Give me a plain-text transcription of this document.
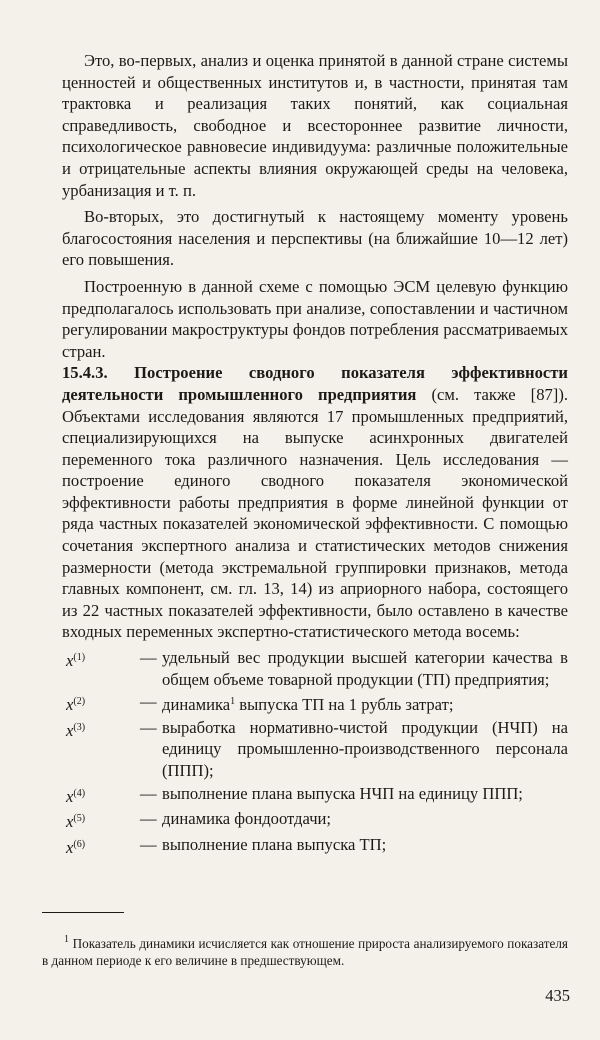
Это, во-первых, анализ и оценка принятой в данной стране системы ценностей и общественных институтов и, в частности, принятая там трактовка и реализация таких понятий, как социальная справедливость, свободное и всестороннее развитие личности, психологическое равновесие индивидуума: различные положительные и отрицательные аспекты влияния окружающей среды на человека, урбанизация и т. п.

Во-вторых, это достигнутый к настоящему моменту уровень благосостояния населения и перспективы (на ближайшие 10—12 лет) его повышения.

Построенную в данной схеме с помощью ЭСМ целевую функцию предполагалось использовать при анализе, сопоставлении и частичном регулировании макроструктуры фондов потребления рассматриваемых стран.

15.4.3. Построение сводного показателя эффективности деятельности промышленного предприятия (см. также [87]). Объектами исследования являются 17 промышленных предприятий, специализирующихся на выпуске асинхронных двигателей переменного тока различного назначения. Цель исследования — построение единого сводного показателя экономической эффективности работы предприятия в форме линейной функции от ряда частных показателей экономической эффективности. С помощью сочетания экспертного анализа и статистических методов снижения размерности (метода экстремальной группировки признаков, метода главных компонент, см. гл. 13, 14) из априорного набора, состоящего из 22 частных показателей эффективности, было оставлено в качестве входных переменных экспертно-статистического метода восемь:

$x^{(1)}$	— удельный вес продукции высшей категории качества в общем объеме товарной продукции (ТП) предприятия;
$x^{(2)}$	— динамика$^1$ выпуска ТП на 1 рубль затрат;
$x^{(3)}$	— выработка нормативно-чистой продукции (НЧП) на единицу промышленно-производственного персонала (ППП);
$x^{(4)}$	— выполнение плана выпуска НЧП на единицу ППП;
$x^{(5)}$	— динамика фондоотдачи;
$x^{(6)}$	— выполнение плана выпуска ТП;

$^1$ Показатель динамики исчисляется как отношение прироста анализируемого показателя в данном периоде к его величине в предшествующем.

435
